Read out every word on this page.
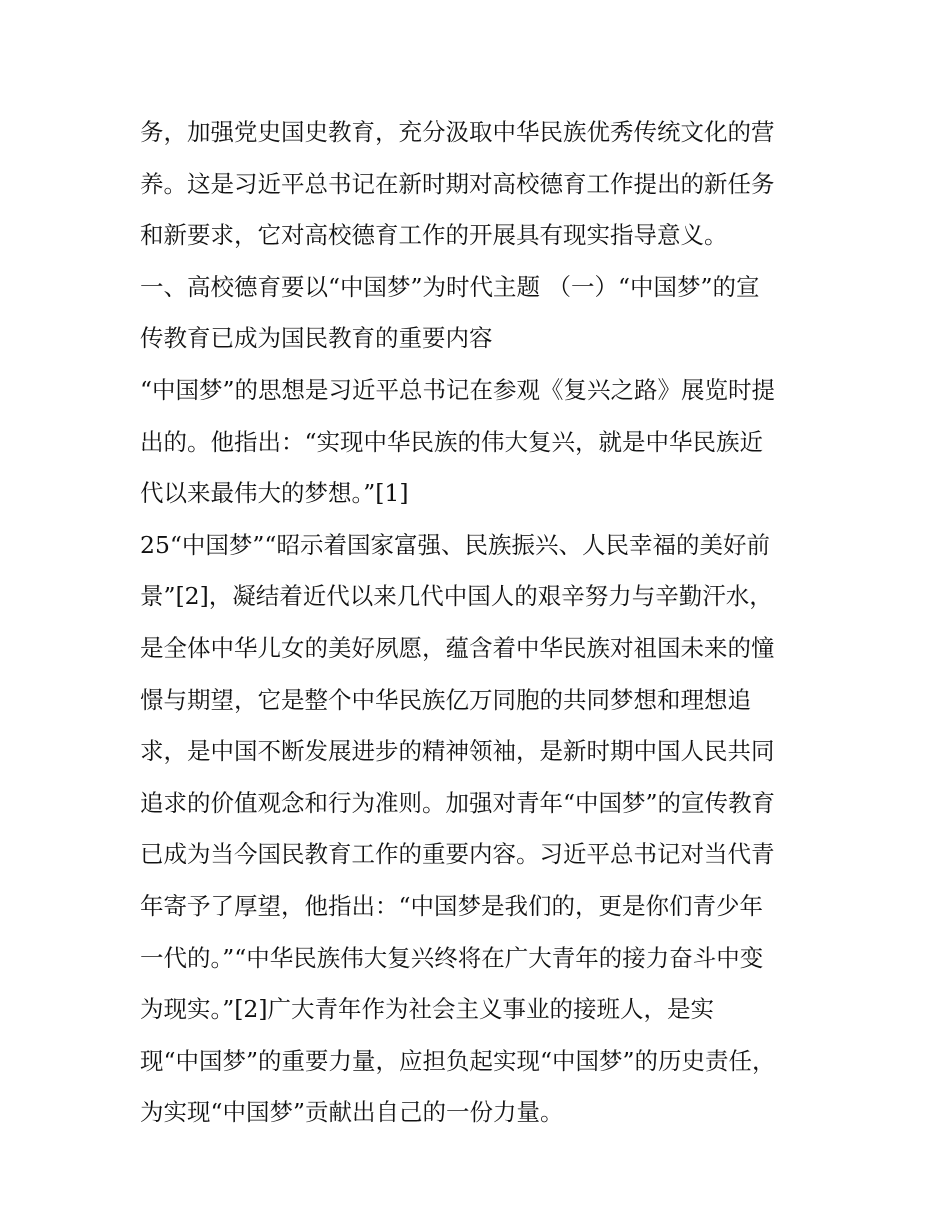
务，加强党史国史教育，充分汲取中华民族优秀传统文化的营
养。这是习近平总书记在新时期对高校德育工作提出的新任务
和新要求，它对高校德育工作的开展具有现实指导意义。
一、高校德育要以“中国梦”为时代主题 （一）“中国梦”的宣
传教育已成为国民教育的重要内容
“中国梦”的思想是习近平总书记在参观《复兴之路》展览时提
出的。他指出：“实现中华民族的伟大复兴，就是中华民族近
代以来最伟大的梦想。”[1]
25“中国梦”“昭示着国家富强、民族振兴、人民幸福的美好前
景”[2]，凝结着近代以来几代中国人的艰辛努力与辛勤汗水，
是全体中华儿女的美好夙愿，蕴含着中华民族对祖国未来的憧
憬与期望，它是整个中华民族亿万同胞的共同梦想和理想追
求，是中国不断发展进步的精神领袖，是新时期中国人民共同
追求的价值观念和行为准则。加强对青年“中国梦”的宣传教育
已成为当今国民教育工作的重要内容。习近平总书记对当代青
年寄予了厚望，他指出：“中国梦是我们的，更是你们青少年
一代的。”“中华民族伟大复兴终将在广大青年的接力奋斗中变
为现实。”[2]广大青年作为社会主义事业的接班人，是实
现“中国梦”的重要力量，应担负起实现“中国梦”的历史责任，
为实现“中国梦”贡献出自己的一份力量。
